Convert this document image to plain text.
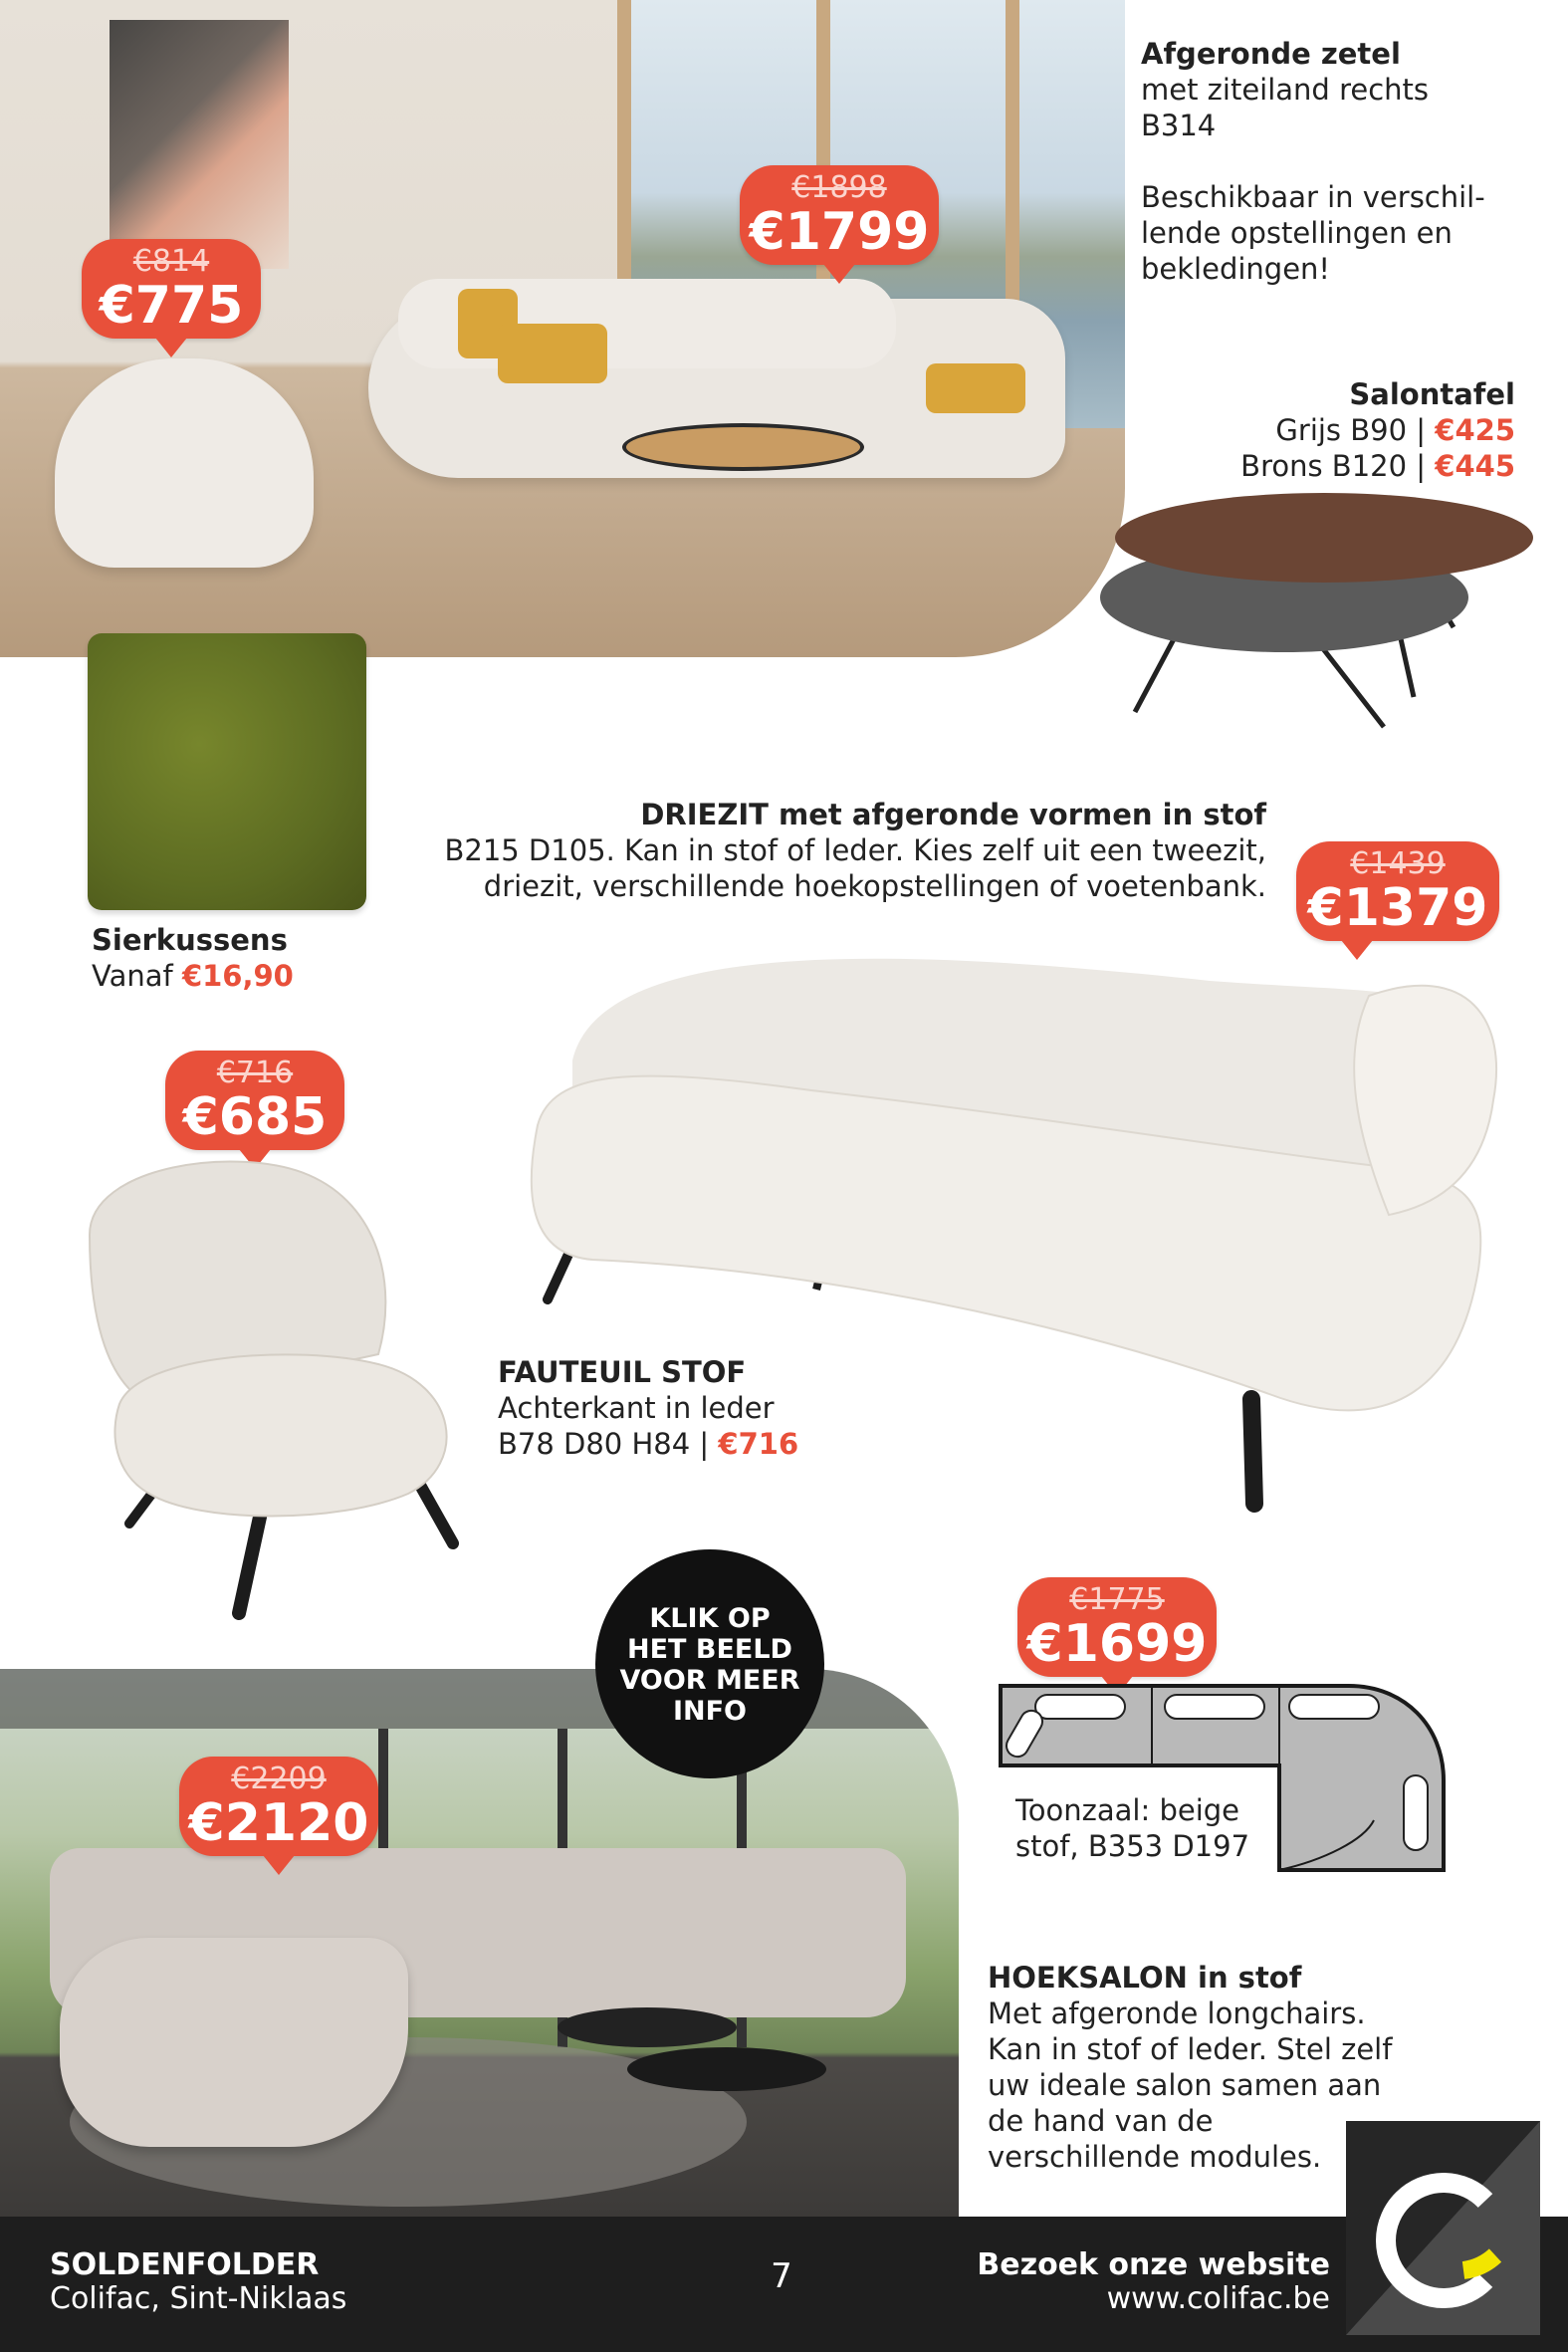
€1898
€1799
€814
€775
Afgeronde zetel
met ziteiland rechts
B314
Beschikbaar in verschil-
lende opstellingen en
bekledingen!
Salontafel
Grijs B90 | €425
Brons B120 | €445
Sierkussens
Vanaf €16,90
DRIEZIT met afgeronde vormen in stof
B215 D105. Kan in stof of leder. Kies zelf uit een tweezit,
driezit, verschillende hoekopstellingen of voetenbank.
€1439
€1379
€716
€685
FAUTEUIL STOF
Achterkant in leder
B78 D80 H84 | €716
€2209
€2120
KLIK OP
HET BEELD
VOOR MEER
INFO
€1775
€1699
Toonzaal: beige
stof, B353 D197
HOEKSALON in stof
Met afgeronde longchairs.
Kan in stof of leder. Stel zelf
uw ideale salon samen aan
de hand van de
verschillende modules.
SOLDENFOLDER
Colifac, Sint-Niklaas
7	Bezoek onze website
www.colifac.be
